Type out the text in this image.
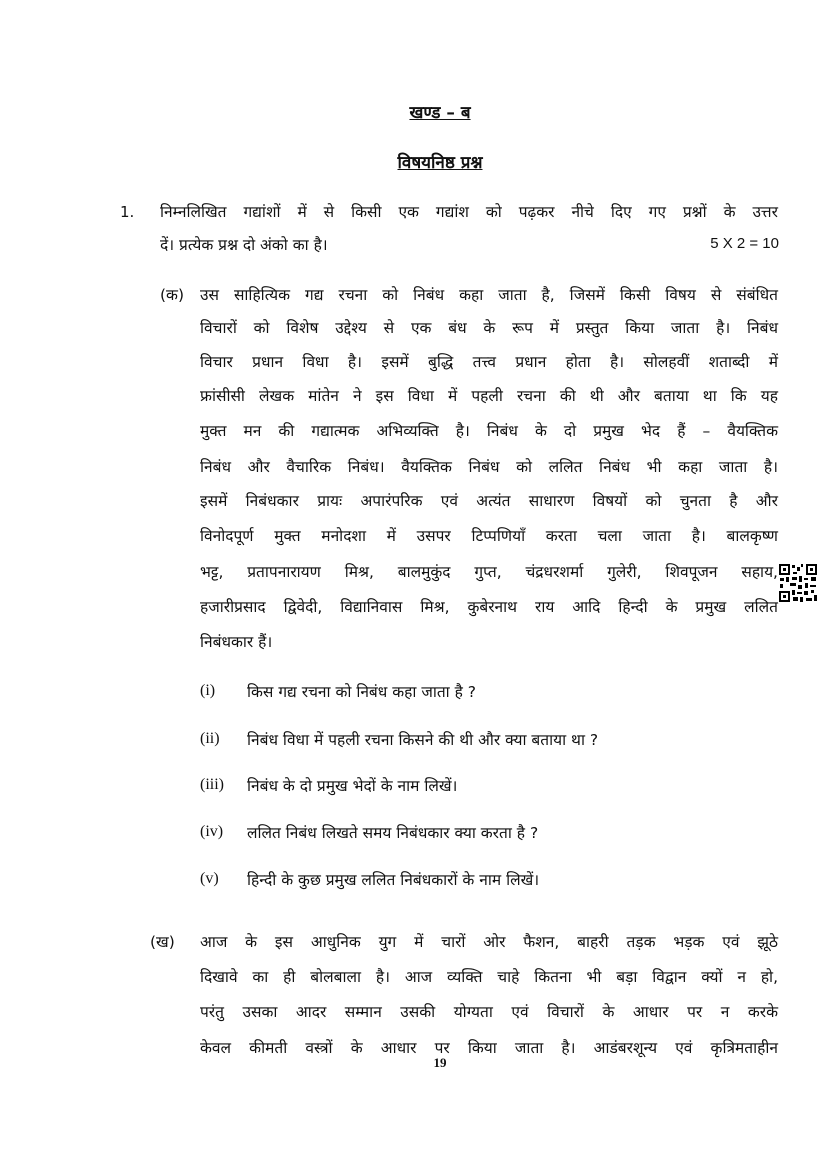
खण्ड – ब
विषयनिष्ठ प्रश्न
1. निम्नलिखित गद्यांशों में से किसी एक गद्यांश को पढ़कर नीचे दिए गए प्रश्नों के उत्तर
दें। प्रत्येक प्रश्न दो अंको का है।	5 X 2 = 10
(क) उस साहित्यिक गद्य रचना को निबंध कहा जाता है, जिसमें किसी विषय से संबंधित
विचारों को विशेष उद्देश्य से एक बंध के रूप में प्रस्तुत किया जाता है। निबंध
विचार प्रधान विधा है। इसमें बुद्धि तत्त्व प्रधान होता है। सोलहवीं शताब्दी में
फ्रांसीसी लेखक मांतेन ने इस विधा में पहली रचना की थी और बताया था कि यह
मुक्त मन की गद्यात्मक अभिव्यक्ति है। निबंध के दो प्रमुख भेद हैं – वैयक्तिक
निबंध और वैचारिक निबंध। वैयक्तिक निबंध को ललित निबंध भी कहा जाता है।
इसमें निबंधकार प्रायः अपारंपरिक एवं अत्यंत साधारण विषयों को चुनता है और
विनोदपूर्ण मुक्त मनोदशा में उसपर टिप्पणियाँ करता चला जाता है। बालकृष्ण
भट्ट, प्रतापनारायण मिश्र, बालमुकुंद गुप्त, चंद्रधरशर्मा गुलेरी, शिवपूजन सहाय,
हजारीप्रसाद द्विवेदी, विद्यानिवास मिश्र, कुबेरनाथ राय आदि हिन्दी के प्रमुख ललित
निबंधकार हैं।
(i) किस गद्य रचना को निबंध कहा जाता है ?
(ii) निबंध विधा में पहली रचना किसने की थी और क्या बताया था ?
(iii) निबंध के दो प्रमुख भेदों के नाम लिखें।
(iv) ललित निबंध लिखते समय निबंधकार क्या करता है ?
(v) हिन्दी के कुछ प्रमुख ललित निबंधकारों के नाम लिखें।
(ख) आज के इस आधुनिक युग में चारों ओर फैशन, बाहरी तड़क भड़क एवं झूठे
दिखावे का ही बोलबाला है। आज व्यक्ति चाहे कितना भी बड़ा विद्वान क्यों न हो,
परंतु उसका आदर सम्मान उसकी योग्यता एवं विचारों के आधार पर न करके
केवल कीमती वस्त्रों के आधार पर किया जाता है। आडंबरशून्य एवं कृत्रिमताहीन
19
